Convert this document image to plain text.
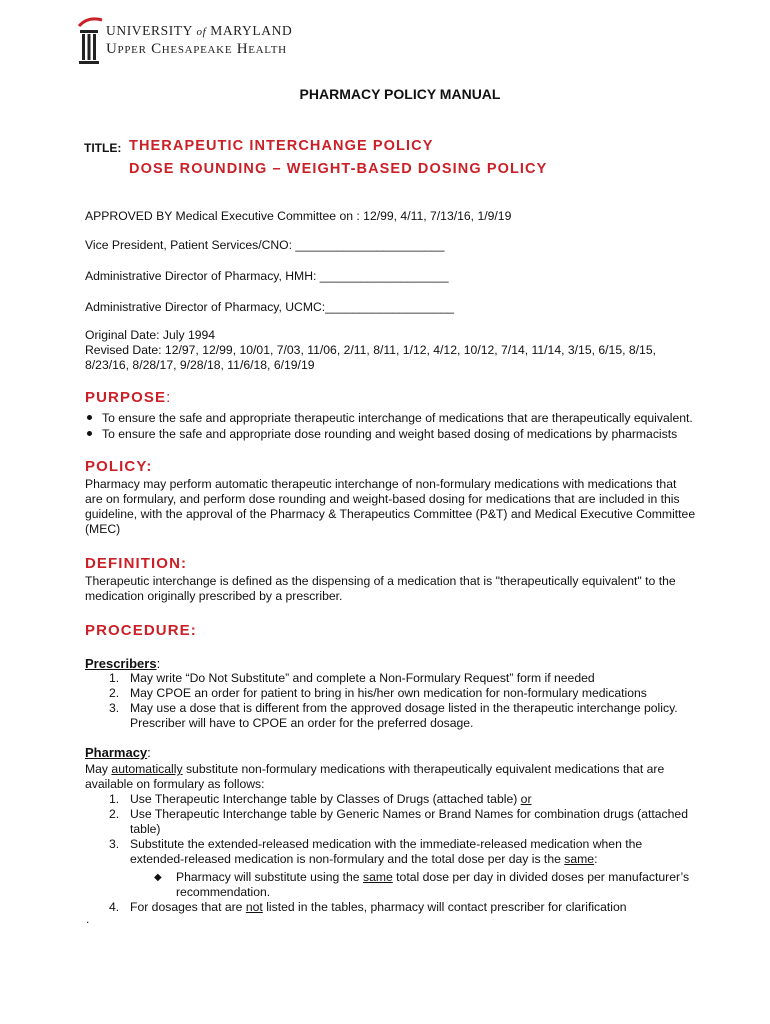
UNIVERSITY of MARYLAND
Upper Chesapeake Health
PHARMACY POLICY MANUAL
TITLE: THERAPEUTIC INTERCHANGE POLICY
DOSE ROUNDING – WEIGHT-BASED DOSING POLICY
APPROVED BY Medical Executive Committee on : 12/99, 4/11, 7/13/16, 1/9/19
Vice President, Patient Services/CNO: ______________________
Administrative Director of Pharmacy, HMH: ___________________
Administrative Director of Pharmacy, UCMC:___________________
Original Date: July 1994
Revised Date: 12/97, 12/99, 10/01, 7/03, 11/06, 2/11, 8/11, 1/12, 4/12, 10/12, 7/14, 11/14, 3/15, 6/15, 8/15,
8/23/16, 8/28/17, 9/28/18, 11/6/18, 6/19/19
PURPOSE:
To ensure the safe and appropriate therapeutic interchange of medications that are therapeutically equivalent.
To ensure the safe and appropriate dose rounding and weight based dosing of medications by pharmacists
POLICY:
Pharmacy may perform automatic therapeutic interchange of non-formulary medications with medications that
are on formulary, and perform dose rounding and weight-based dosing for medications that are included in this
guideline, with the approval of the Pharmacy & Therapeutics Committee (P&T) and Medical Executive Committee
(MEC)
DEFINITION:
Therapeutic interchange is defined as the dispensing of a medication that is "therapeutically equivalent" to the
medication originally prescribed by a prescriber.
PROCEDURE:
Prescribers:
1. May write “Do Not Substitute” and complete a Non-Formulary Request” form if needed
2. May CPOE an order for patient to bring in his/her own medication for non-formulary medications
3. May use a dose that is different from the approved dosage listed in the therapeutic interchange policy.
Prescriber will have to CPOE an order for the preferred dosage.
Pharmacy:
May automatically substitute non-formulary medications with therapeutically equivalent medications that are
available on formulary as follows:
1. Use Therapeutic Interchange table by Classes of Drugs (attached table) or
2. Use Therapeutic Interchange table by Generic Names or Brand Names for combination drugs (attached
table)
3. Substitute the extended-released medication with the immediate-released medication when the
extended-released medication is non-formulary and the total dose per day is the same:
◆ Pharmacy will substitute using the same total dose per day in divided doses per manufacturer’s
recommendation.
4. For dosages that are not listed in the tables, pharmacy will contact prescriber for clarification
.
